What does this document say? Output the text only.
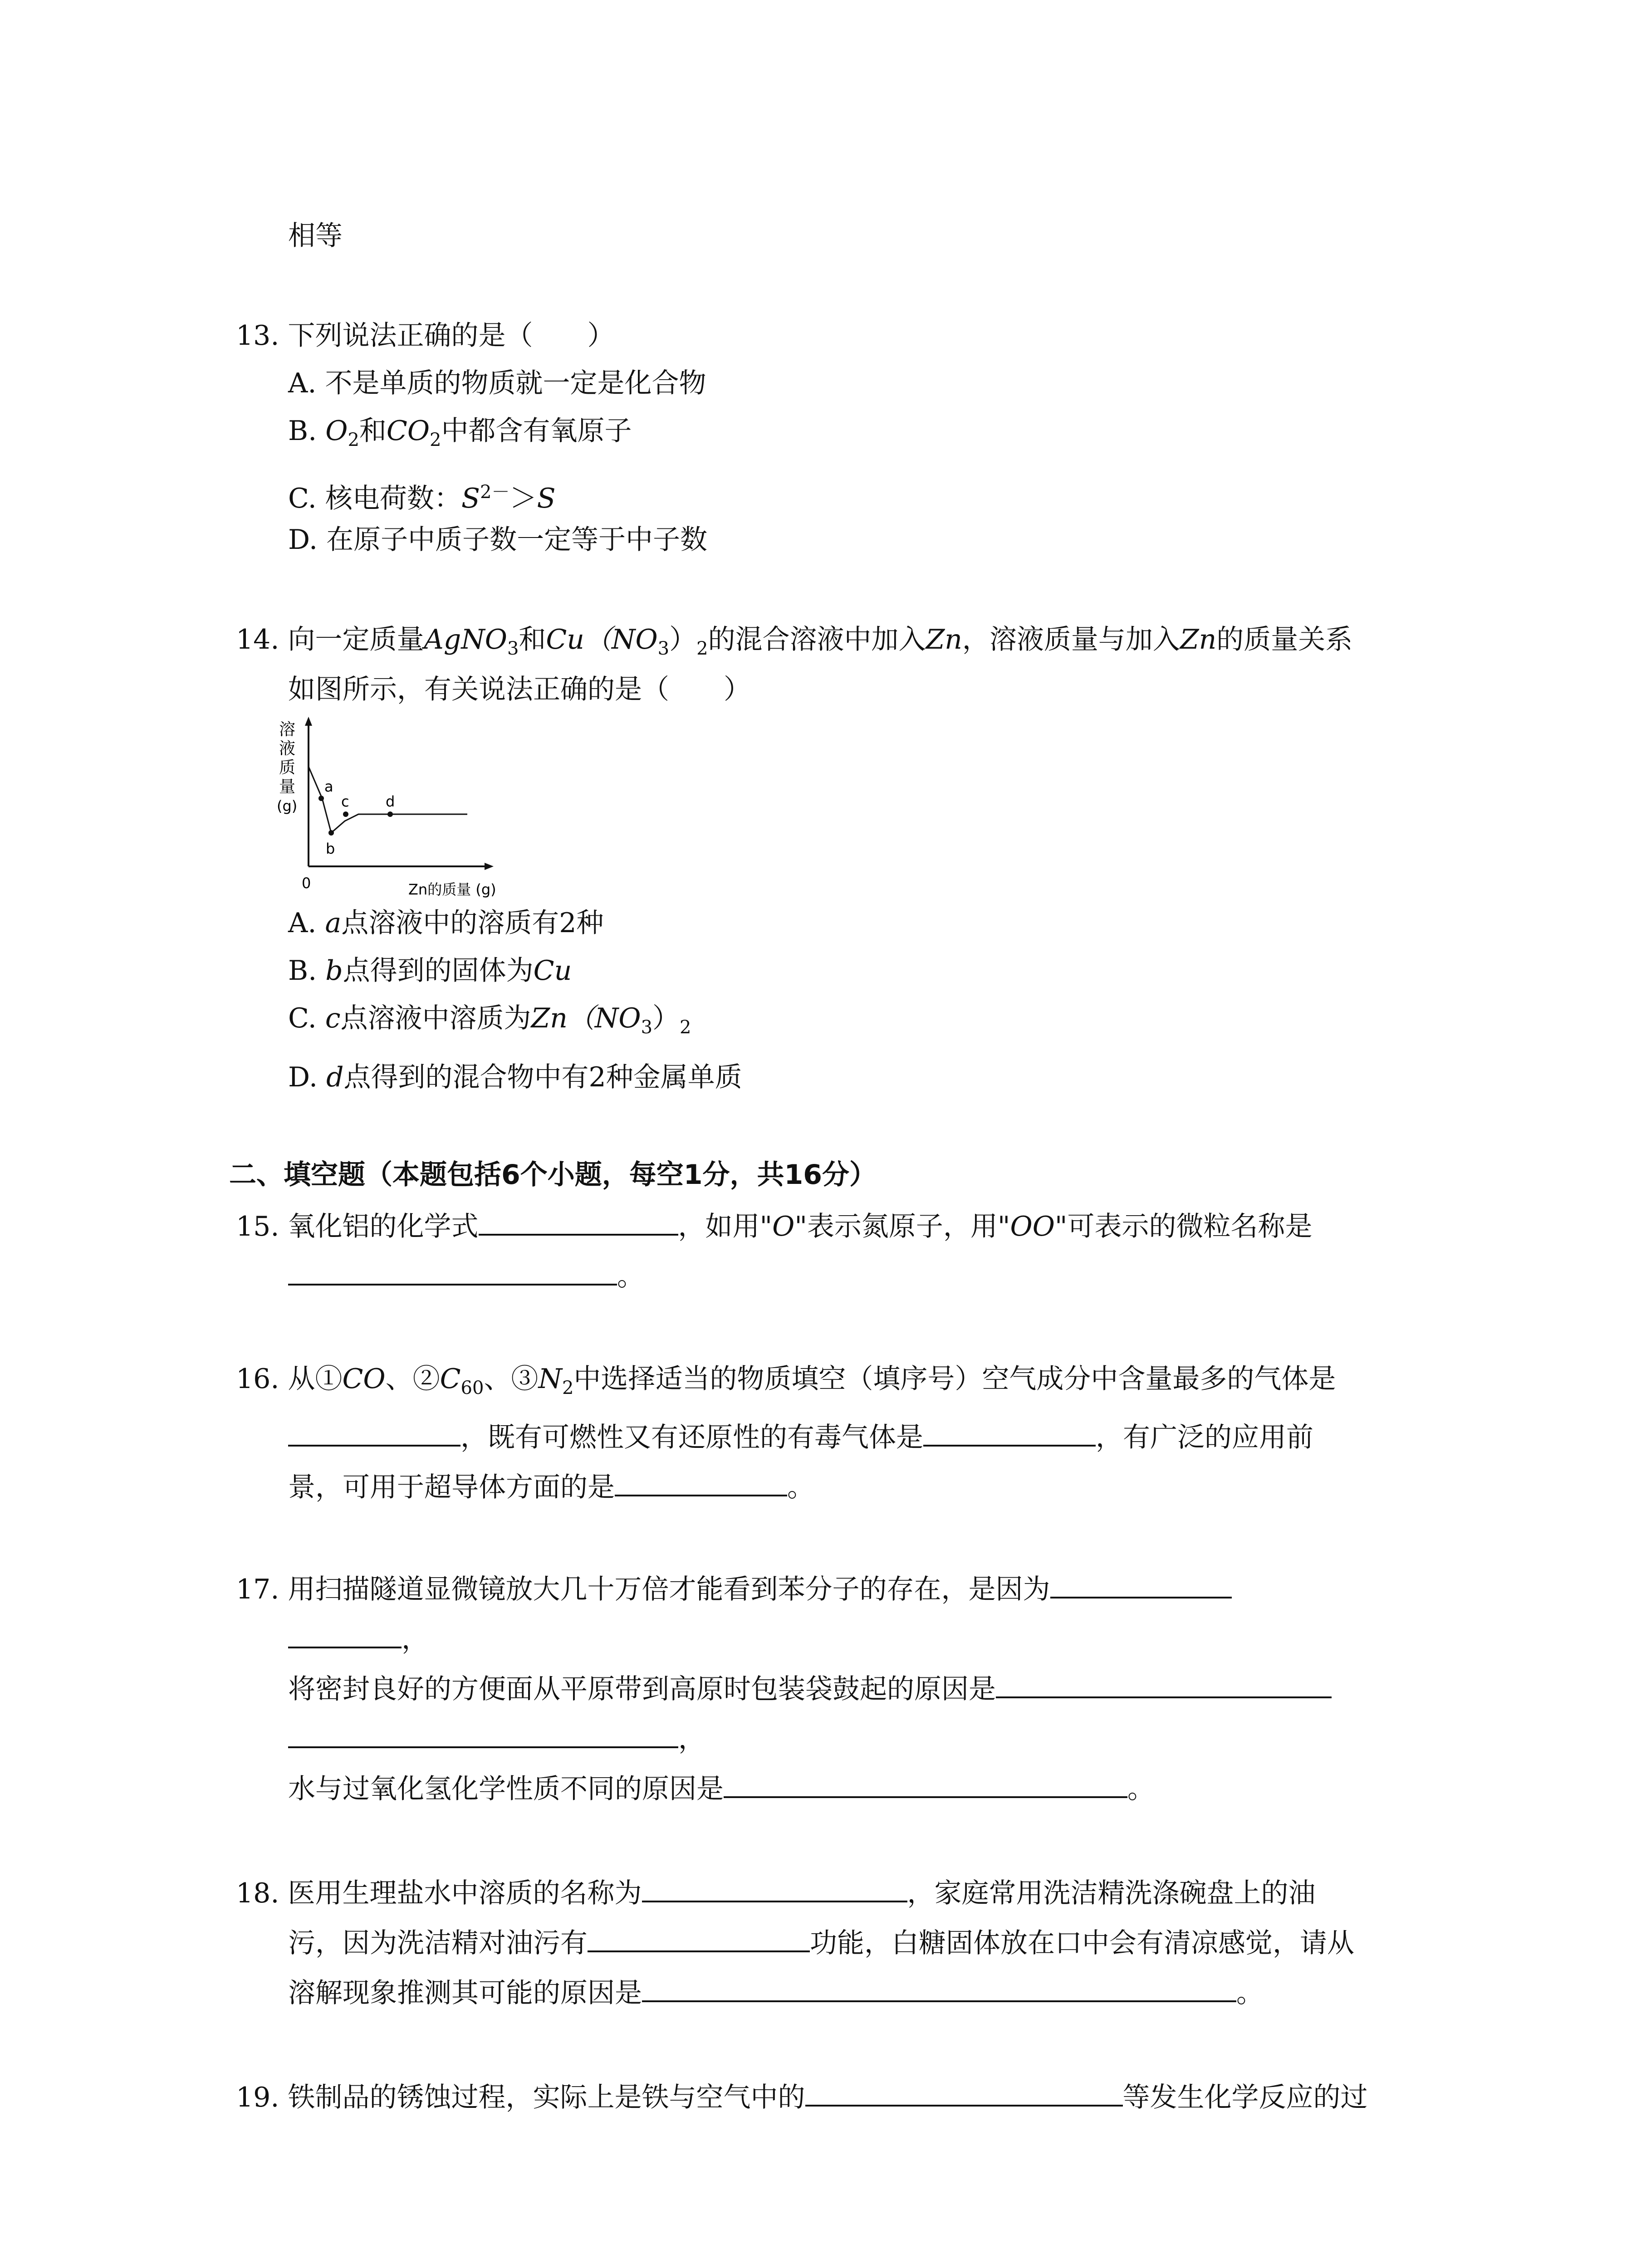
相等
13. 下列说法正确的是（　　）
A. 不是单质的物质就一定是化合物
B. $O_2$和$CO_2$中都含有氧原子
C. 核电荷数：$S^{2-}>S$
D. 在原子中质子数一定等于中子数
14. 向一定质量AgNO$_3$和$Cu(NO_3)_2$的混合溶液中加入Zn，溶液质量与加入Zn的质量关系
如图所示，有关说法正确的是（　　）
溶
液
质
量
(g)
a
b
c	d
0	Zn的质量 (g)
A. a点溶液中的溶质有2种
B. b点得到的固体为Cu
C. c点溶液中溶质为$Zn(NO_3)_2$
D. d点得到的混合物中有2种金属单质
二、填空题（本题包括6个小题，每空1分，共16分）
15. 氧化铝的化学式	，如用"O"表示氮原子，用"OO"可表示的微粒名称是
。
16. 从①CO、$②C_{60}$、$③N_2$中选择适当的物质填空（填序号）空气成分中含量最多的气体是
，既有可燃性又有还原性的有毒气体是	，有广泛的应用前
景，可用于超导体方面的是	。
17. 用扫描隧道显微镜放大几十万倍才能看到苯分子的存在，是因为
，
将密封良好的方便面从平原带到高原时包装袋鼓起的原因是
，
水与过氧化氢化学性质不同的原因是	。
18. 医用生理盐水中溶质的名称为	，家庭常用洗洁精洗涤碗盘上的油
污，因为洗洁精对油污有	功能，白糖固体放在口中会有清凉感觉，请从
溶解现象推测其可能的原因是	。
19. 铁制品的锈蚀过程，实际上是铁与空气中的	等发生化学反应的过
